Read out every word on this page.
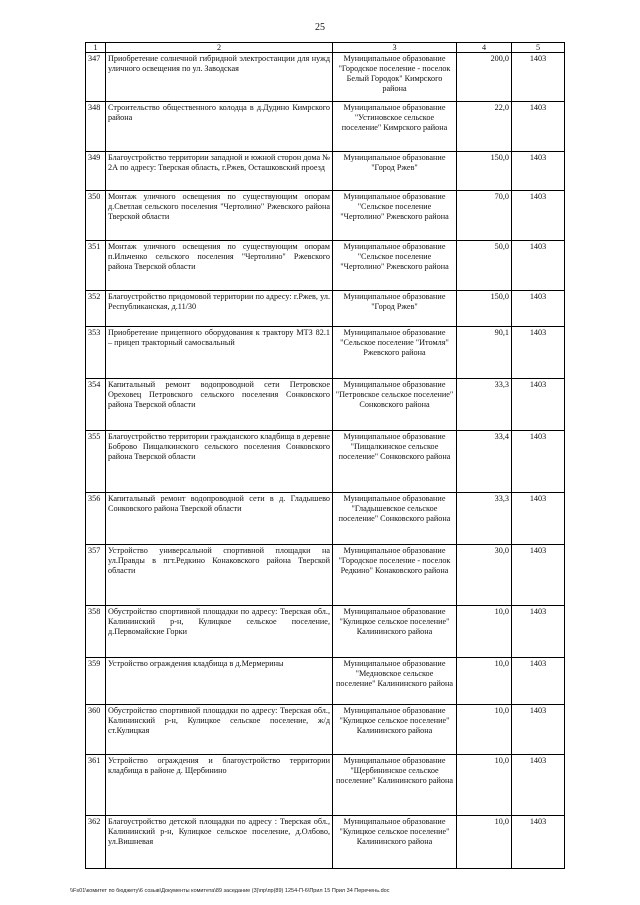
25
1	2	3	4	5
347	Приобретение солнечной гибридной электростанции для нужд уличного освещения по ул. Заводская	Муниципальное образование "Городское поселение - поселок Белый Городок" Кимрского района	200,0	1403
348	Строительство общественного колодца в д.Дудино Кимрского района	Муниципальное образование "Устиновское сельское поселение" Кимрского района	22,0	1403
349	Благоустройство территории западной и южной сторон дома № 2А по адресу: Тверская область, г.Ржев, Осташковский проезд	Муниципальное образование "Город Ржев"	150,0	1403
350	Монтаж уличного освещения по существующим опорам д.Светлая сельского поселения "Чертолино" Ржевского района Тверской области	Муниципальное образование "Сельское поселение "Чертолино" Ржевского района	70,0	1403
351	Монтаж уличного освещения по существующим опорам п.Ильченко сельского поселения "Чертолино" Ржевского района Тверской области	Муниципальное образование "Сельское поселение "Чертолино" Ржевского района	50,0	1403
352	Благоустройство придомовой территории по адресу: г.Ржев, ул. Республиканская, д.11/30	Муниципальное образование "Город Ржев"	150,0	1403
353	Приобретение прицепного оборудования к трактору МТЗ 82.1 – прицеп тракторный самосвальный	Муниципальное образование "Сельское поселение "Итомля" Ржевского района	90,1	1403
354	Капитальный ремонт водопроводной сети Петровское Ореховец Петровского сельского поселения Сонковского района Тверской области	Муниципальное образование "Петровское сельское поселение" Сонковского района	33,3	1403
355	Благоустройство территории гражданского кладбища в деревне Боброво Пищалкинского сельского поселения Сонковского района Тверской области	Муниципальное образование "Пищалкинское сельское поселение" Сонковского района	33,4	1403
356	Капитальный ремонт водопроводной сети в д. Гладышево Сонковского района Тверской области	Муниципальное образование "Гладышевское сельское поселение" Сонковского района	33,3	1403
357	Устройство универсальной спортивной площадки на ул.Правды в пгт.Редкино Конаковского района Тверской области	Муниципальное образование "Городское поселение - поселок Редкино" Конаковского района	30,0	1403
358	Обустройство спортивной площадки по адресу: Тверская обл., Калининский р-н, Кулицкое сельское поселение, д.Первомайские Горки	Муниципальное образование "Кулицкое сельское поселение" Калининского района	10,0	1403
359	Устройство ограждения кладбища в д.Мермерины	Муниципальное образование "Медновское сельское поселение" Калининского района	10,0	1403
360	Обустройство спортивной площадки по адресу: Тверская обл., Калининский р-н, Кулицкое сельское поселение, ж/д ст.Кулицкая	Муниципальное образование "Кулицкое сельское поселение" Калининского района	10,0	1403
361	Устройство ограждения и благоустройство территории кладбища в районе д. Щербинино	Муниципальное образование "Щербининское сельское поселение" Калининского района	10,0	1403
362	Благоустройство детской площадки по адресу : Тверская обл., Калининский р-н, Кулицкое сельское поселение, д.Олбово, ул.Вишневая	Муниципальное образование "Кулицкое сельское поселение" Калининского района	10,0	1403
\\Fs01\комитет по бюджету\6 созыв\Документы комитета\89 заседание (3)\пр\пр(89) 1254-П-6\Прил 15 Прил 34 Перечень.doc
